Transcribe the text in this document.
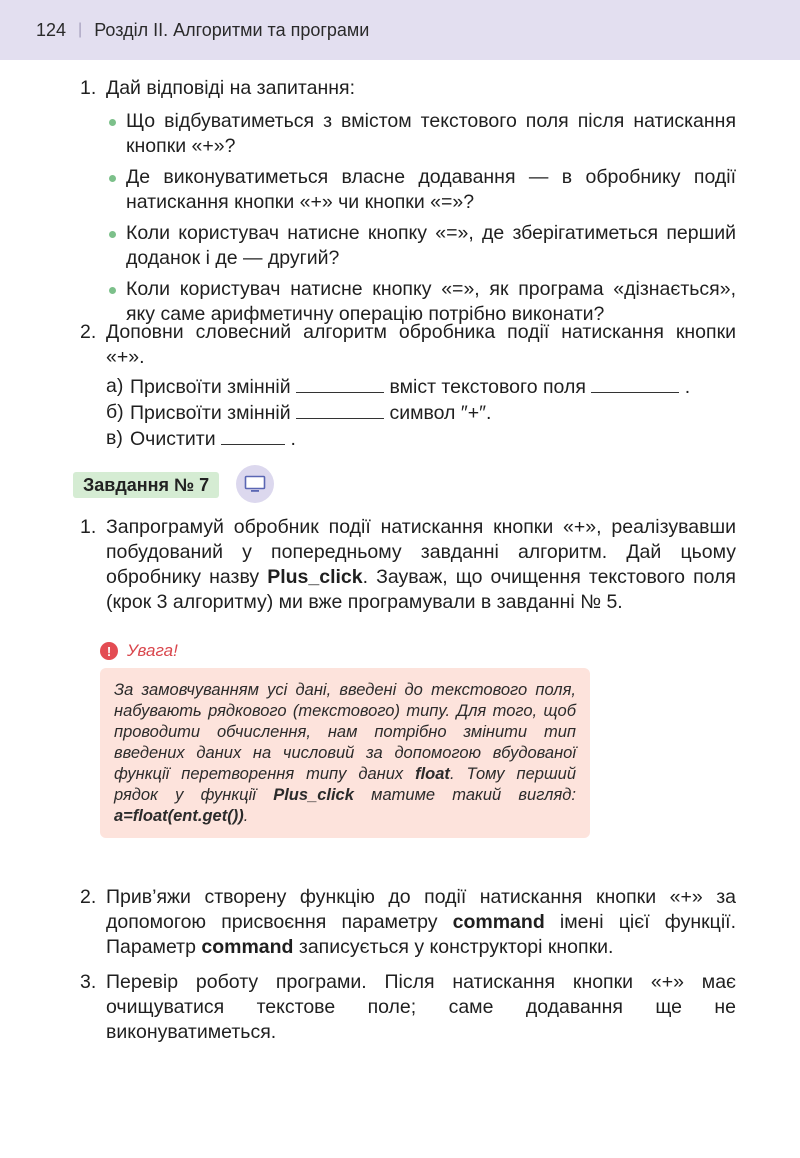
124 | Розділ ІІ. Алгоритми та програми
1. Дай відповіді на запитання:
Що відбуватиметься з вмістом текстового поля після натискання кнопки «+»?
Де виконуватиметься власне додавання — в обробнику події натискання кнопки «+» чи кнопки «=»?
Коли користувач натисне кнопку «=», де зберігатиметься перший доданок і де — другий?
Коли користувач натисне кнопку «=», як програма «дізнається», яку саме арифметичну операцію потрібно виконати?
2. Доповни словесний алгоритм обробника події натискання кнопки «+».
а) Присвоїти змінній	вміст текстового поля	.
б) Присвоїти змінній	символ ″+″.
в) Очистити	.
Завдання № 7
1. Запрограмуй обробник події натискання кнопки «+», реалізувавши побудований у попередньому завданні алгоритм. Дай цьому обробнику назву Plus_click. Зауваж, що очищення текстового поля (крок 3 алгоритму) ми вже програмували в завданні № 5.
! Увага!
За замовчуванням усі дані, введені до текстового поля, набувають рядкового (текстового) типу. Для того, щоб проводити обчислення, нам потрібно змінити тип введених даних на числовий за допомогою вбудованої функції перетворення типу даних float. Тому перший рядок у функції Plus_click матиме такий вигляд: a=float(ent.get()).
2. Прив’яжи створену функцію до події натискання кнопки «+» за допомогою присвоєння параметру command імені цієї функції. Параметр command записується у конструкторі кнопки.
3. Перевір роботу програми. Після натискання кнопки «+» має очищуватися текстове поле; саме додавання ще не виконуватиметься.
